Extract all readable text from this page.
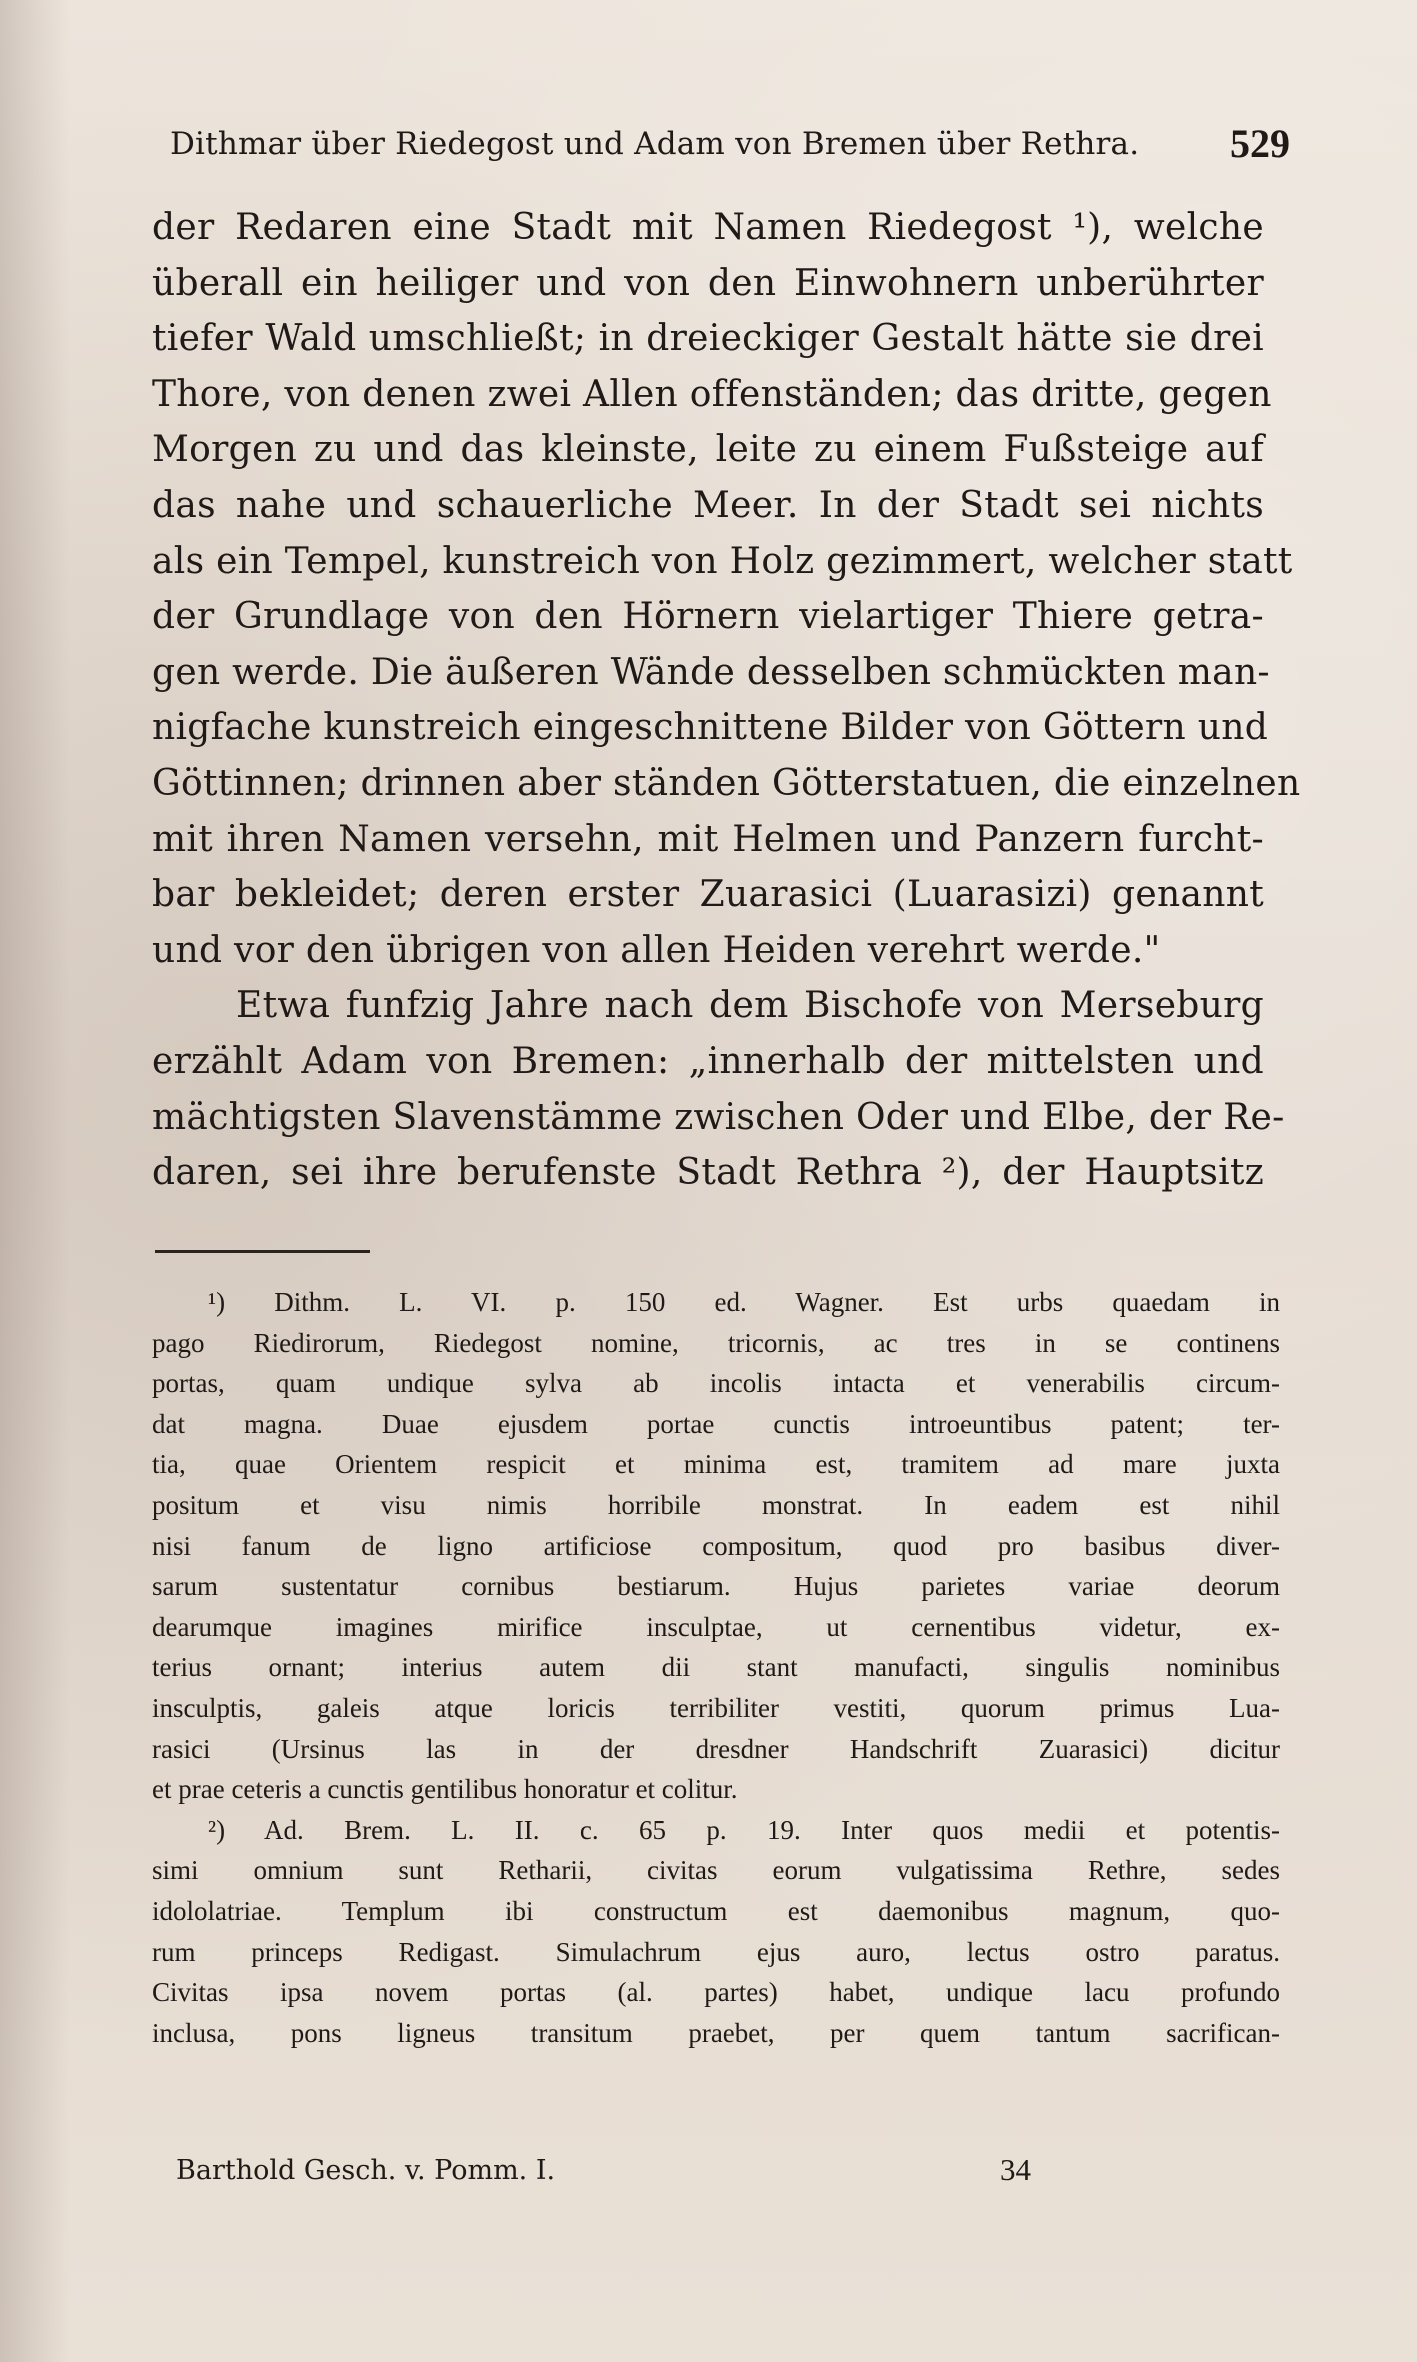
Dithmar über Riedegost und Adam von Bremen über Rethra. 529
der Redaren eine Stadt mit Namen Riedegost ¹), welche
überall ein heiliger und von den Einwohnern unberührter
tiefer Wald umschließt; in dreieckiger Gestalt hätte sie drei
Thore, von denen zwei Allen offenständen; das dritte, gegen
Morgen zu und das kleinste, leite zu einem Fußsteige auf
das nahe und schauerliche Meer. In der Stadt sei nichts
als ein Tempel, kunstreich von Holz gezimmert, welcher statt
der Grundlage von den Hörnern vielartiger Thiere getra-
gen werde. Die äußeren Wände desselben schmückten man-
nigfache kunstreich eingeschnittene Bilder von Göttern und
Göttinnen; drinnen aber ständen Götterstatuen, die einzelnen
mit ihren Namen versehn, mit Helmen und Panzern furcht-
bar bekleidet; deren erster Zuarasici (Luarasizi) genannt
und vor den übrigen von allen Heiden verehrt werde."
Etwa funfzig Jahre nach dem Bischofe von Merseburg
erzählt Adam von Bremen: „innerhalb der mittelsten und
mächtigsten Slavenstämme zwischen Oder und Elbe, der Re-
daren, sei ihre berufenste Stadt Rethra ²), der Hauptsitz
¹) Dithm. L. VI. p. 150 ed. Wagner. Est urbs quaedam in
pago Riedirorum, Riedegost nomine, tricornis, ac tres in se continens
portas, quam undique sylva ab incolis intacta et venerabilis circum-
dat magna. Duae ejusdem portae cunctis introeuntibus patent; ter-
tia, quae Orientem respicit et minima est, tramitem ad mare juxta
positum et visu nimis horribile monstrat. In eadem est nihil
nisi fanum de ligno artificiose compositum, quod pro basibus diver-
sarum sustentatur cornibus bestiarum. Hujus parietes variae deorum
dearumque imagines mirifice insculptae, ut cernentibus videtur, ex-
terius ornant; interius autem dii stant manufacti, singulis nominibus
insculptis, galeis atque loricis terribiliter vestiti, quorum primus Lua-
rasici (Ursinus las in der dresdner Handschrift Zuarasici) dicitur
et prae ceteris a cunctis gentilibus honoratur et colitur.
²) Ad. Brem. L. II. c. 65 p. 19. Inter quos medii et potentis-
simi omnium sunt Retharii, civitas eorum vulgatissima Rethre, sedes
idololatriae. Templum ibi constructum est daemonibus magnum, quo-
rum princeps Redigast. Simulachrum ejus auro, lectus ostro paratus.
Civitas ipsa novem portas (al. partes) habet, undique lacu profundo
inclusa, pons ligneus transitum praebet, per quem tantum sacrifican-
Barthold Gesch. v. Pomm. I.	34
